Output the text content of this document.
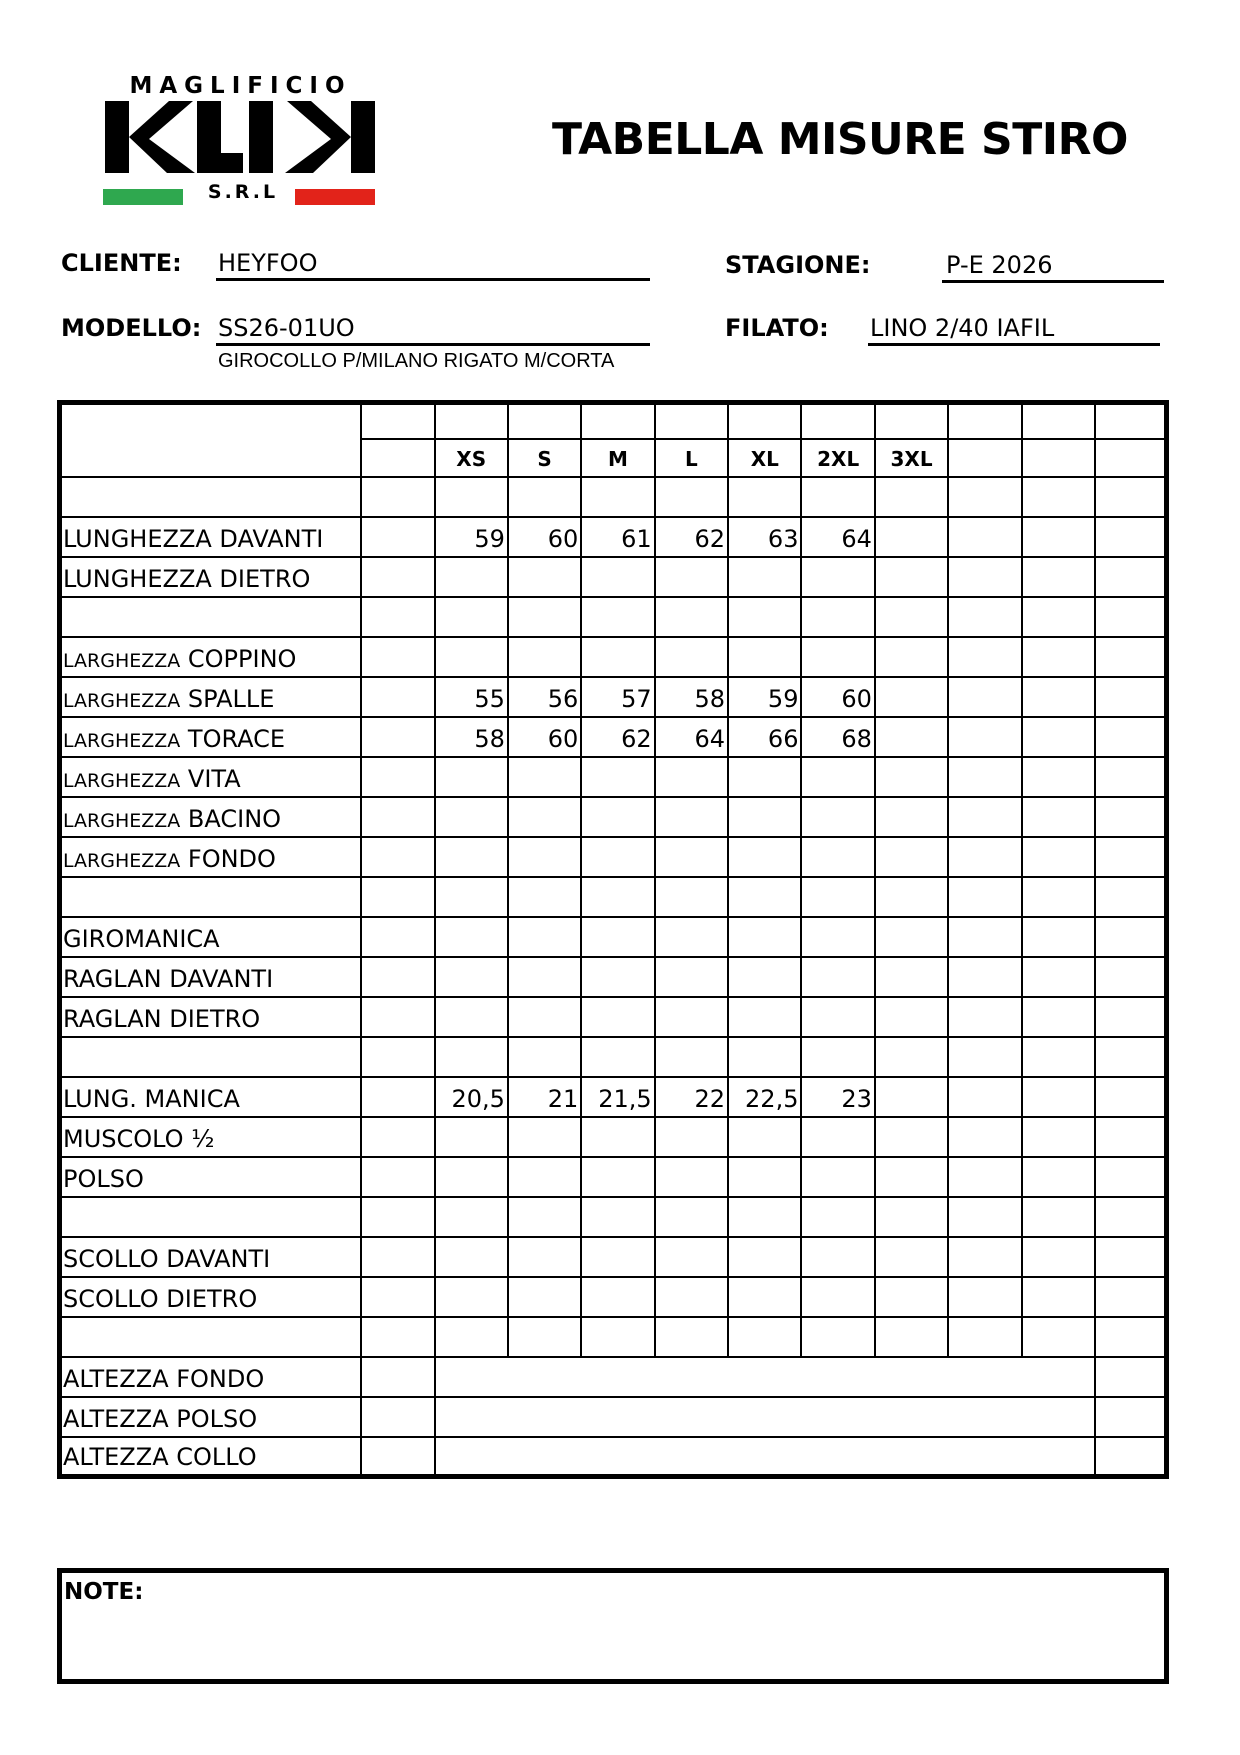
MAGLIFICIO
S.R.L
TABELLA MISURE STIRO
CLIENTE: HEYFOO	STAGIONE:	P-E 2026
MODELLO: SS26-01UO
GIROCOLLO P/MILANO RIGATO M/CORTA
FILATO: LINO 2/40 IAFIL

		XS	S	M	L	XL	2XL	3XL			

LUNGHEZZA DAVANTI		59	60	61	62	63	64				
LUNGHEZZA DIETRO											

LARGHEZZA COPPINO											
LARGHEZZA SPALLE		55	56	57	58	59	60				
LARGHEZZA TORACE		58	60	62	64	66	68				
LARGHEZZA VITA											
LARGHEZZA BACINO											
LARGHEZZA FONDO											

GIROMANICA											
RAGLAN DAVANTI											
RAGLAN DIETRO											

LUNG. MANICA		20,5	21	21,5	22	22,5	23				
MUSCOLO ½											
POLSO											

SCOLLO DAVANTI											
SCOLLO DIETRO											

ALTEZZA FONDO											
ALTEZZA POLSO											
ALTEZZA COLLO											
NOTE:
